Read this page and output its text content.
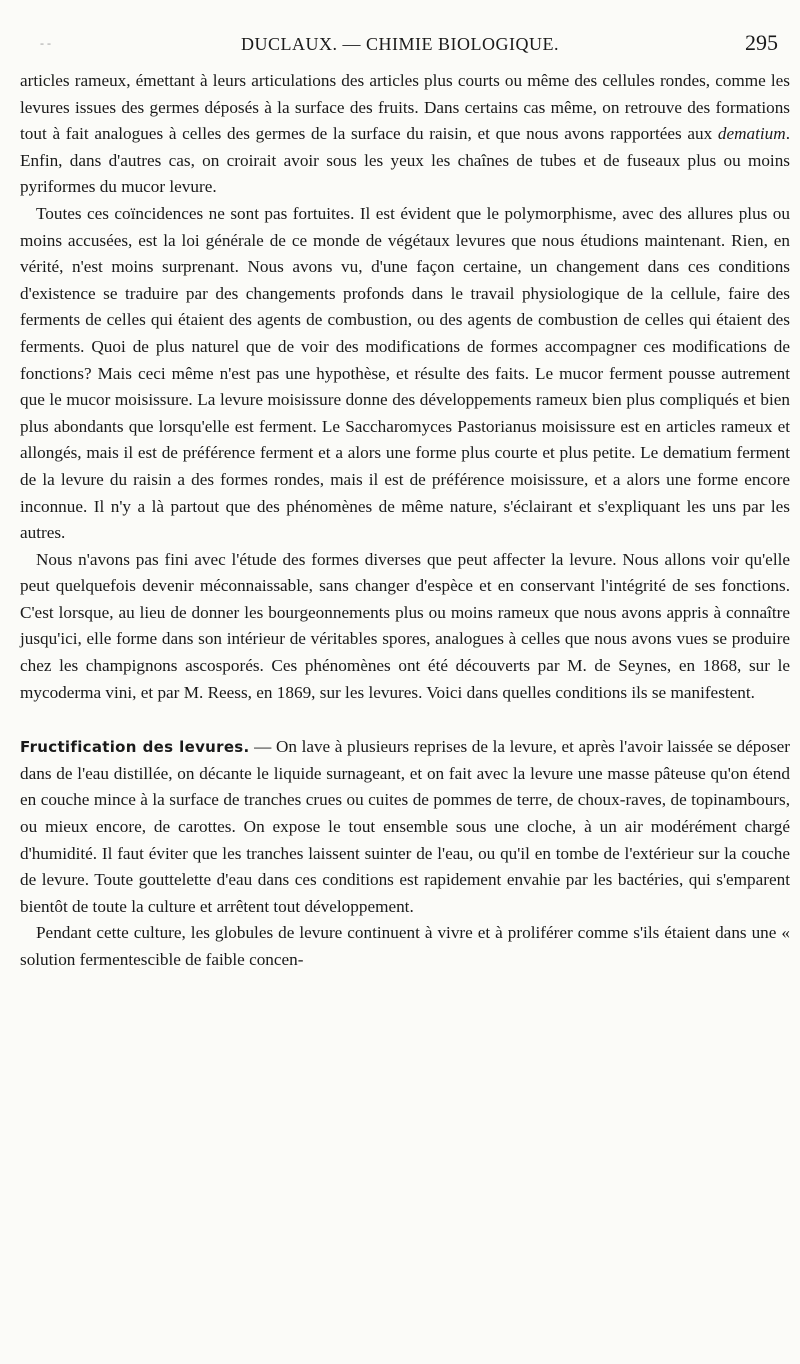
- -	DUCLAUX. — CHIMIE BIOLOGIQUE.	295

articles rameux, émettant à leurs articulations des articles plus courts ou même des cellules rondes, comme les levures issues des germes déposés à la surface des fruits. Dans certains cas même, on retrouve des formations tout à fait analogues à celles des germes de la surface du raisin, et que nous avons rapportées aux dematium. Enfin, dans d'autres cas, on croirait avoir sous les yeux les chaînes de tubes et de fuseaux plus ou moins pyriformes du mucor levure.

Toutes ces coïncidences ne sont pas fortuites. Il est évident que le polymorphisme, avec des allures plus ou moins accusées, est la loi générale de ce monde de végétaux levures que nous étudions maintenant. Rien, en vérité, n'est moins surprenant. Nous avons vu, d'une façon certaine, un changement dans ces conditions d'existence se traduire par des changements profonds dans le travail physiologique de la cellule, faire des ferments de celles qui étaient des agents de combustion, ou des agents de combustion de celles qui étaient des ferments. Quoi de plus naturel que de voir des modifications de formes accompagner ces modifications de fonctions? Mais ceci même n'est pas une hypothèse, et résulte des faits. Le mucor ferment pousse autrement que le mucor moisissure. La levure moisissure donne des développements rameux bien plus compliqués et bien plus abondants que lorsqu'elle est ferment. Le Saccharomyces Pastorianus moisissure est en articles rameux et allongés, mais il est de préférence ferment et a alors une forme plus courte et plus petite. Le dematium ferment de la levure du raisin a des formes rondes, mais il est de préférence moisissure, et a alors une forme encore inconnue. Il n'y a là partout que des phénomènes de même nature, s'éclairant et s'expliquant les uns par les autres.

Nous n'avons pas fini avec l'étude des formes diverses que peut affecter la levure. Nous allons voir qu'elle peut quelquefois devenir méconnaissable, sans changer d'espèce et en conservant l'intégrité de ses fonctions. C'est lorsque, au lieu de donner les bourgeonnements plus ou moins rameux que nous avons appris à connaître jusqu'ici, elle forme dans son intérieur de véritables spores, analogues à celles que nous avons vues se produire chez les champignons ascosporés. Ces phénomènes ont été découverts par M. de Seynes, en 1868, sur le mycoderma vini, et par M. Reess, en 1869, sur les levures. Voici dans quelles conditions ils se manifestent.

Fructification des levures. — On lave à plusieurs reprises de la levure, et après l'avoir laissée se déposer dans de l'eau distillée, on décante le liquide surnageant, et on fait avec la levure une masse pâteuse qu'on étend en couche mince à la surface de tranches crues ou cuites de pommes de terre, de choux-raves, de topinambours, ou mieux encore, de carottes. On expose le tout ensemble sous une cloche, à un air modérément chargé d'humidité. Il faut éviter que les tranches laissent suinter de l'eau, ou qu'il en tombe de l'extérieur sur la couche de levure. Toute gouttelette d'eau dans ces conditions est rapidement envahie par les bactéries, qui s'emparent bientôt de toute la culture et arrêtent tout développement.

Pendant cette culture, les globules de levure continuent à vivre et à proliférer comme s'ils étaient dans une « solution fermentescible de faible concen-
